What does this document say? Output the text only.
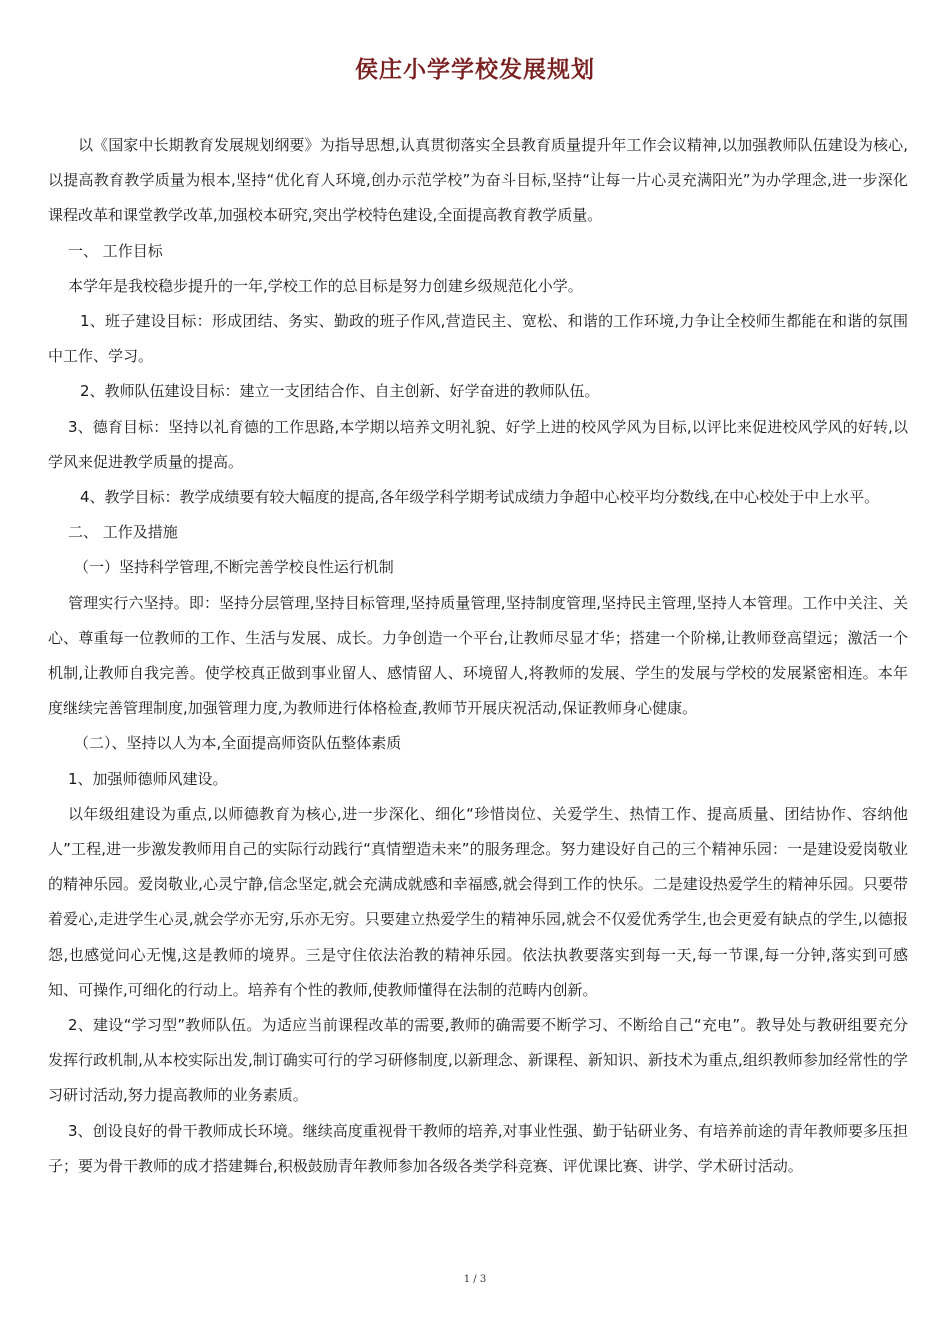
侯庄小学学校发展规划

以《国家中长期教育发展规划纲要》为指导思想,认真贯彻落实全县教育质量提升年工作会议精神,以加强教师队伍建设为核心,以提高教育教学质量为根本,坚持“优化育人环境,创办示范学校”为奋斗目标,坚持“让每一片心灵充满阳光”为办学理念,进一步深化课程改革和课堂教学改革,加强校本研究,突出学校特色建设,全面提高教育教学质量。

一、 工作目标

本学年是我校稳步提升的一年,学校工作的总目标是努力创建乡级规范化小学。

1、班子建设目标：形成团结、务实、勤政的班子作风,营造民主、宽松、和谐的工作环境,力争让全校师生都能在和谐的氛围中工作、学习。

2、教师队伍建设目标：建立一支团结合作、自主创新、好学奋进的教师队伍。

3、德育目标：坚持以礼育德的工作思路,本学期以培养文明礼貌、好学上进的校风学风为目标,以评比来促进校风学风的好转,以学风来促进教学质量的提高。

4、教学目标：教学成绩要有较大幅度的提高,各年级学科学期考试成绩力争超中心校平均分数线,在中心校处于中上水平。

二、 工作及措施

（一）坚持科学管理,不断完善学校良性运行机制

管理实行六坚持。即：坚持分层管理,坚持目标管理,坚持质量管理,坚持制度管理,坚持民主管理,坚持人本管理。工作中关注、关心、尊重每一位教师的工作、生活与发展、成长。力争创造一个平台,让教师尽显才华；搭建一个阶梯,让教师登高望远；激活一个机制,让教师自我完善。使学校真正做到事业留人、感情留人、环境留人,将教师的发展、学生的发展与学校的发展紧密相连。本年度继续完善管理制度,加强管理力度,为教师进行体格检查,教师节开展庆祝活动,保证教师身心健康。

（二）、坚持以人为本,全面提高师资队伍整体素质

1、加强师德师风建设。

以年级组建设为重点,以师德教育为核心,进一步深化、细化“珍惜岗位、关爱学生、热情工作、提高质量、团结协作、容纳他人”工程,进一步激发教师用自己的实际行动践行“真情塑造未来”的服务理念。努力建设好自己的三个精神乐园：一是建设爱岗敬业的精神乐园。爱岗敬业,心灵宁静,信念坚定,就会充满成就感和幸福感,就会得到工作的快乐。二是建设热爱学生的精神乐园。只要带着爱心,走进学生心灵,就会学亦无穷,乐亦无穷。只要建立热爱学生的精神乐园,就会不仅爱优秀学生,也会更爱有缺点的学生,以德报怨,也感觉问心无愧,这是教师的境界。三是守住依法治教的精神乐园。依法执教要落实到每一天,每一节课,每一分钟,落实到可感知、可操作,可细化的行动上。培养有个性的教师,使教师懂得在法制的范畴内创新。

2、建设“学习型”教师队伍。为适应当前课程改革的需要,教师的确需要不断学习、不断给自己“充电”。教导处与教研组要充分发挥行政机制,从本校实际出发,制订确实可行的学习研修制度,以新理念、新课程、新知识、新技术为重点,组织教师参加经常性的学习研讨活动,努力提高教师的业务素质。

3、创设良好的骨干教师成长环境。继续高度重视骨干教师的培养,对事业性强、勤于钻研业务、有培养前途的青年教师要多压担子；要为骨干教师的成才搭建舞台,积极鼓励青年教师参加各级各类学科竞赛、评优课比赛、讲学、学术研讨活动。

1 / 3
